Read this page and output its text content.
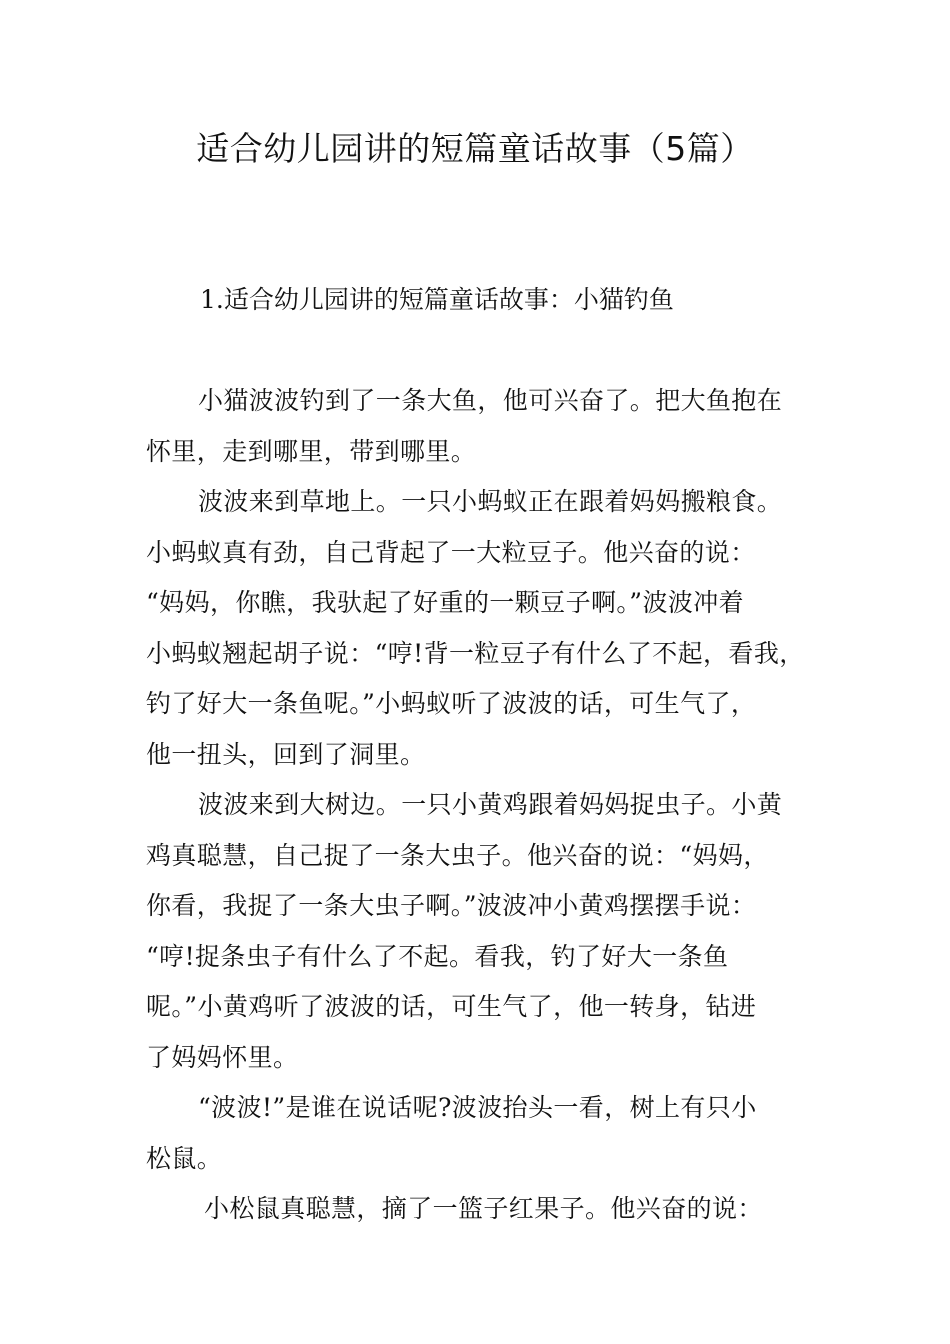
适合幼儿园讲的短篇童话故事（5篇）
1.适合幼儿园讲的短篇童话故事：小猫钓鱼
小猫波波钓到了一条大鱼，他可兴奋了。把大鱼抱在
怀里，走到哪里，带到哪里。
波波来到草地上。一只小蚂蚁正在跟着妈妈搬粮食。
小蚂蚁真有劲，自己背起了一大粒豆子。他兴奋的说：
“妈妈，你瞧，我驮起了好重的一颗豆子啊。”波波冲着
小蚂蚁翘起胡子说：“哼!背一粒豆子有什么了不起，看我，
钓了好大一条鱼呢。”小蚂蚁听了波波的话，可生气了，
他一扭头，回到了洞里。
波波来到大树边。一只小黄鸡跟着妈妈捉虫子。小黄
鸡真聪慧，自己捉了一条大虫子。他兴奋的说：“妈妈，
你看，我捉了一条大虫子啊。”波波冲小黄鸡摆摆手说：
“哼!捉条虫子有什么了不起。看我，钓了好大一条鱼
呢。”小黄鸡听了波波的话，可生气了，他一转身，钻进
了妈妈怀里。
“波波!”是谁在说话呢?波波抬头一看，树上有只小
松鼠。
小松鼠真聪慧，摘了一篮子红果子。他兴奋的说：
